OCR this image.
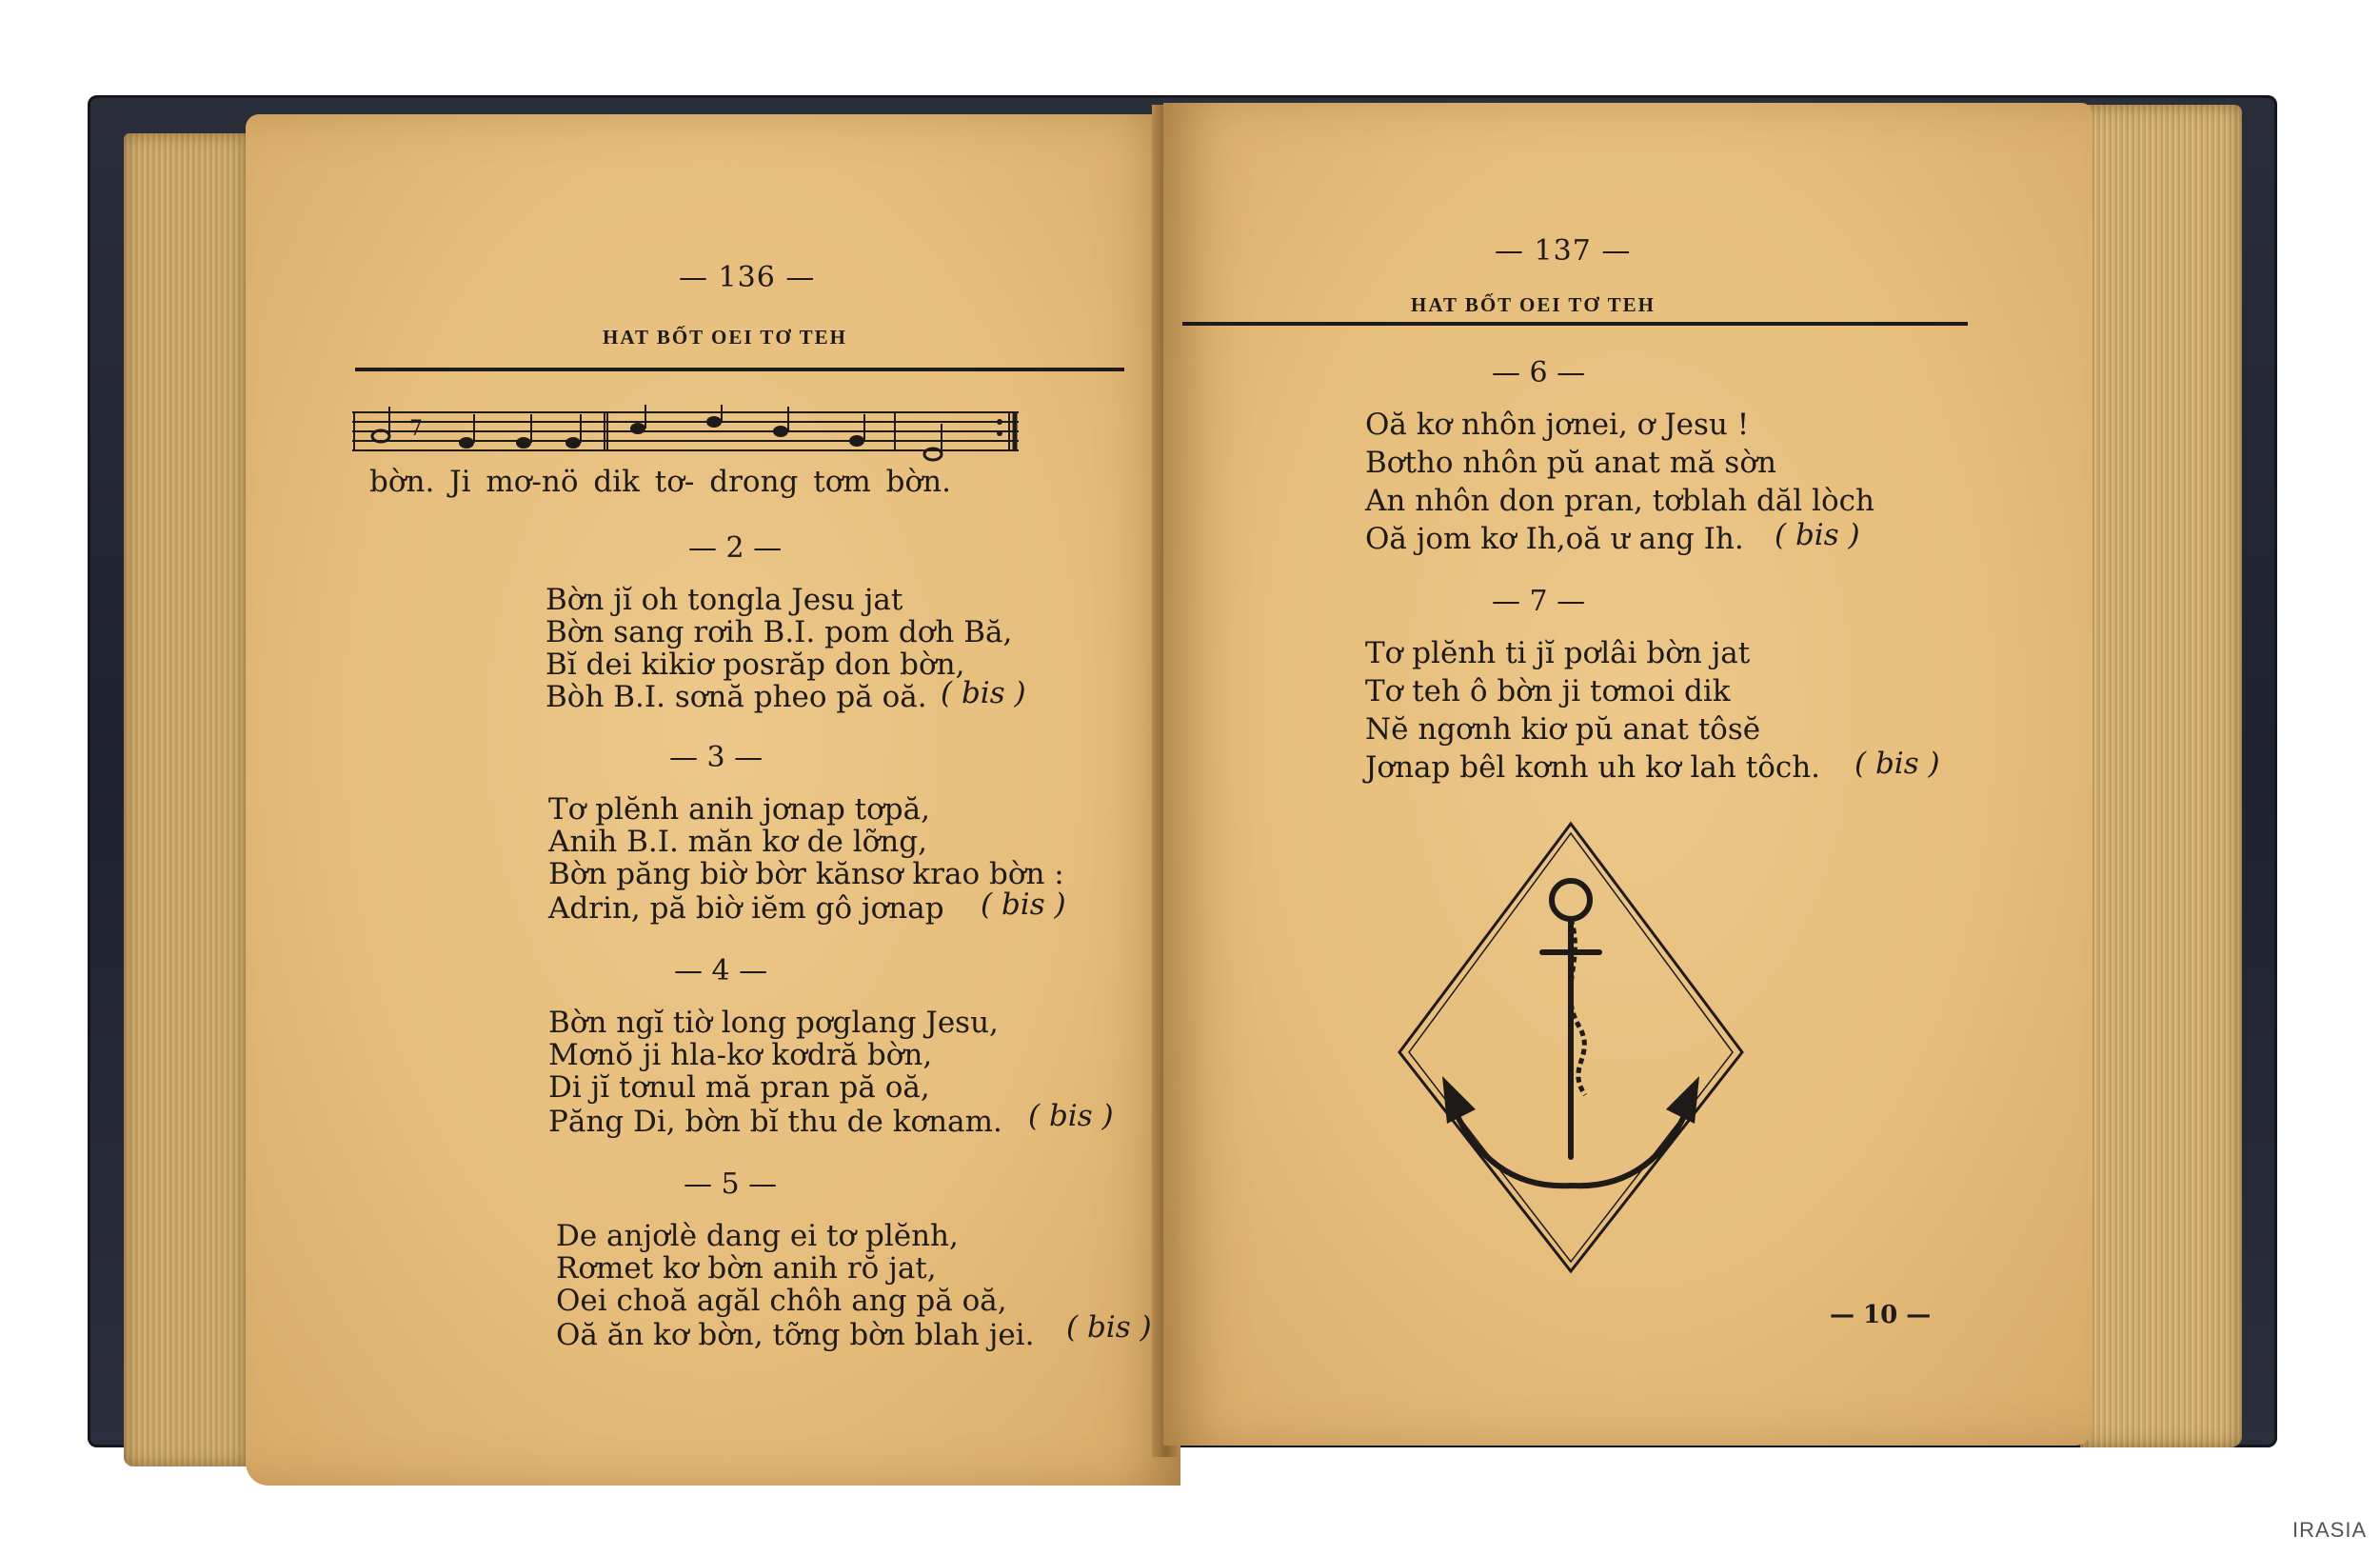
— 136 —
HAT BỐT OEI TƠ TEH
bờn. Ji mơ-nö dik tơ- drong tơm bờn.
— 2 —
Bờn jĭ oh tongla Jesu jat
Bờn sang rơih B.I. pom dơh Bă,
Bĭ dei kikiơ posrăp don bờn,
Bòh B.I. sơnă pheo pă oă. ( bis )
— 3 —
Tơ plĕnh anih jơnap tơpă,
Anih B.I. măn kơ de lỡng,
Bờn păng biờ bờr kănsơ krao bờn :
Adrin, pă biờ iĕm gô jơnap ( bis )
— 4 —
Bờn ngĭ tiờ long pơglang Jesu,
Mơnŏ ji hla-kơ kơdră bờn,
Di jĭ tơnul mă pran pă oă,
Păng Di, bờn bĭ thu de kơnam. ( bis )
— 5 —
De anjơlè dang ei tơ plĕnh,
Rơmet kơ bờn anih rŏ jat,
Oei choă agăl chôh ang pă oă,
Oă ăn kơ bờn, tỡng bờn blah jei. ( bis )
7
— 137 —
HAT BỐT OEI TƠ TEH
— 6 —
Oă kơ nhôn jơnei, ơ Jesu !
Bơtho nhôn pŭ anat mă sờn
An nhôn don pran, tơblah dăl lòch
Oă jom kơ Ih,oă ư ang Ih. ( bis )
— 7 —
Tơ plĕnh ti jĭ pơlâi bờn jat
Tơ teh ô bờn ji tơmoi dik
Nĕ ngơnh kiơ pŭ anat tôsĕ
Jơnap bêl kơnh uh kơ lah tôch. ( bis )
— 10 —
IRASIA
